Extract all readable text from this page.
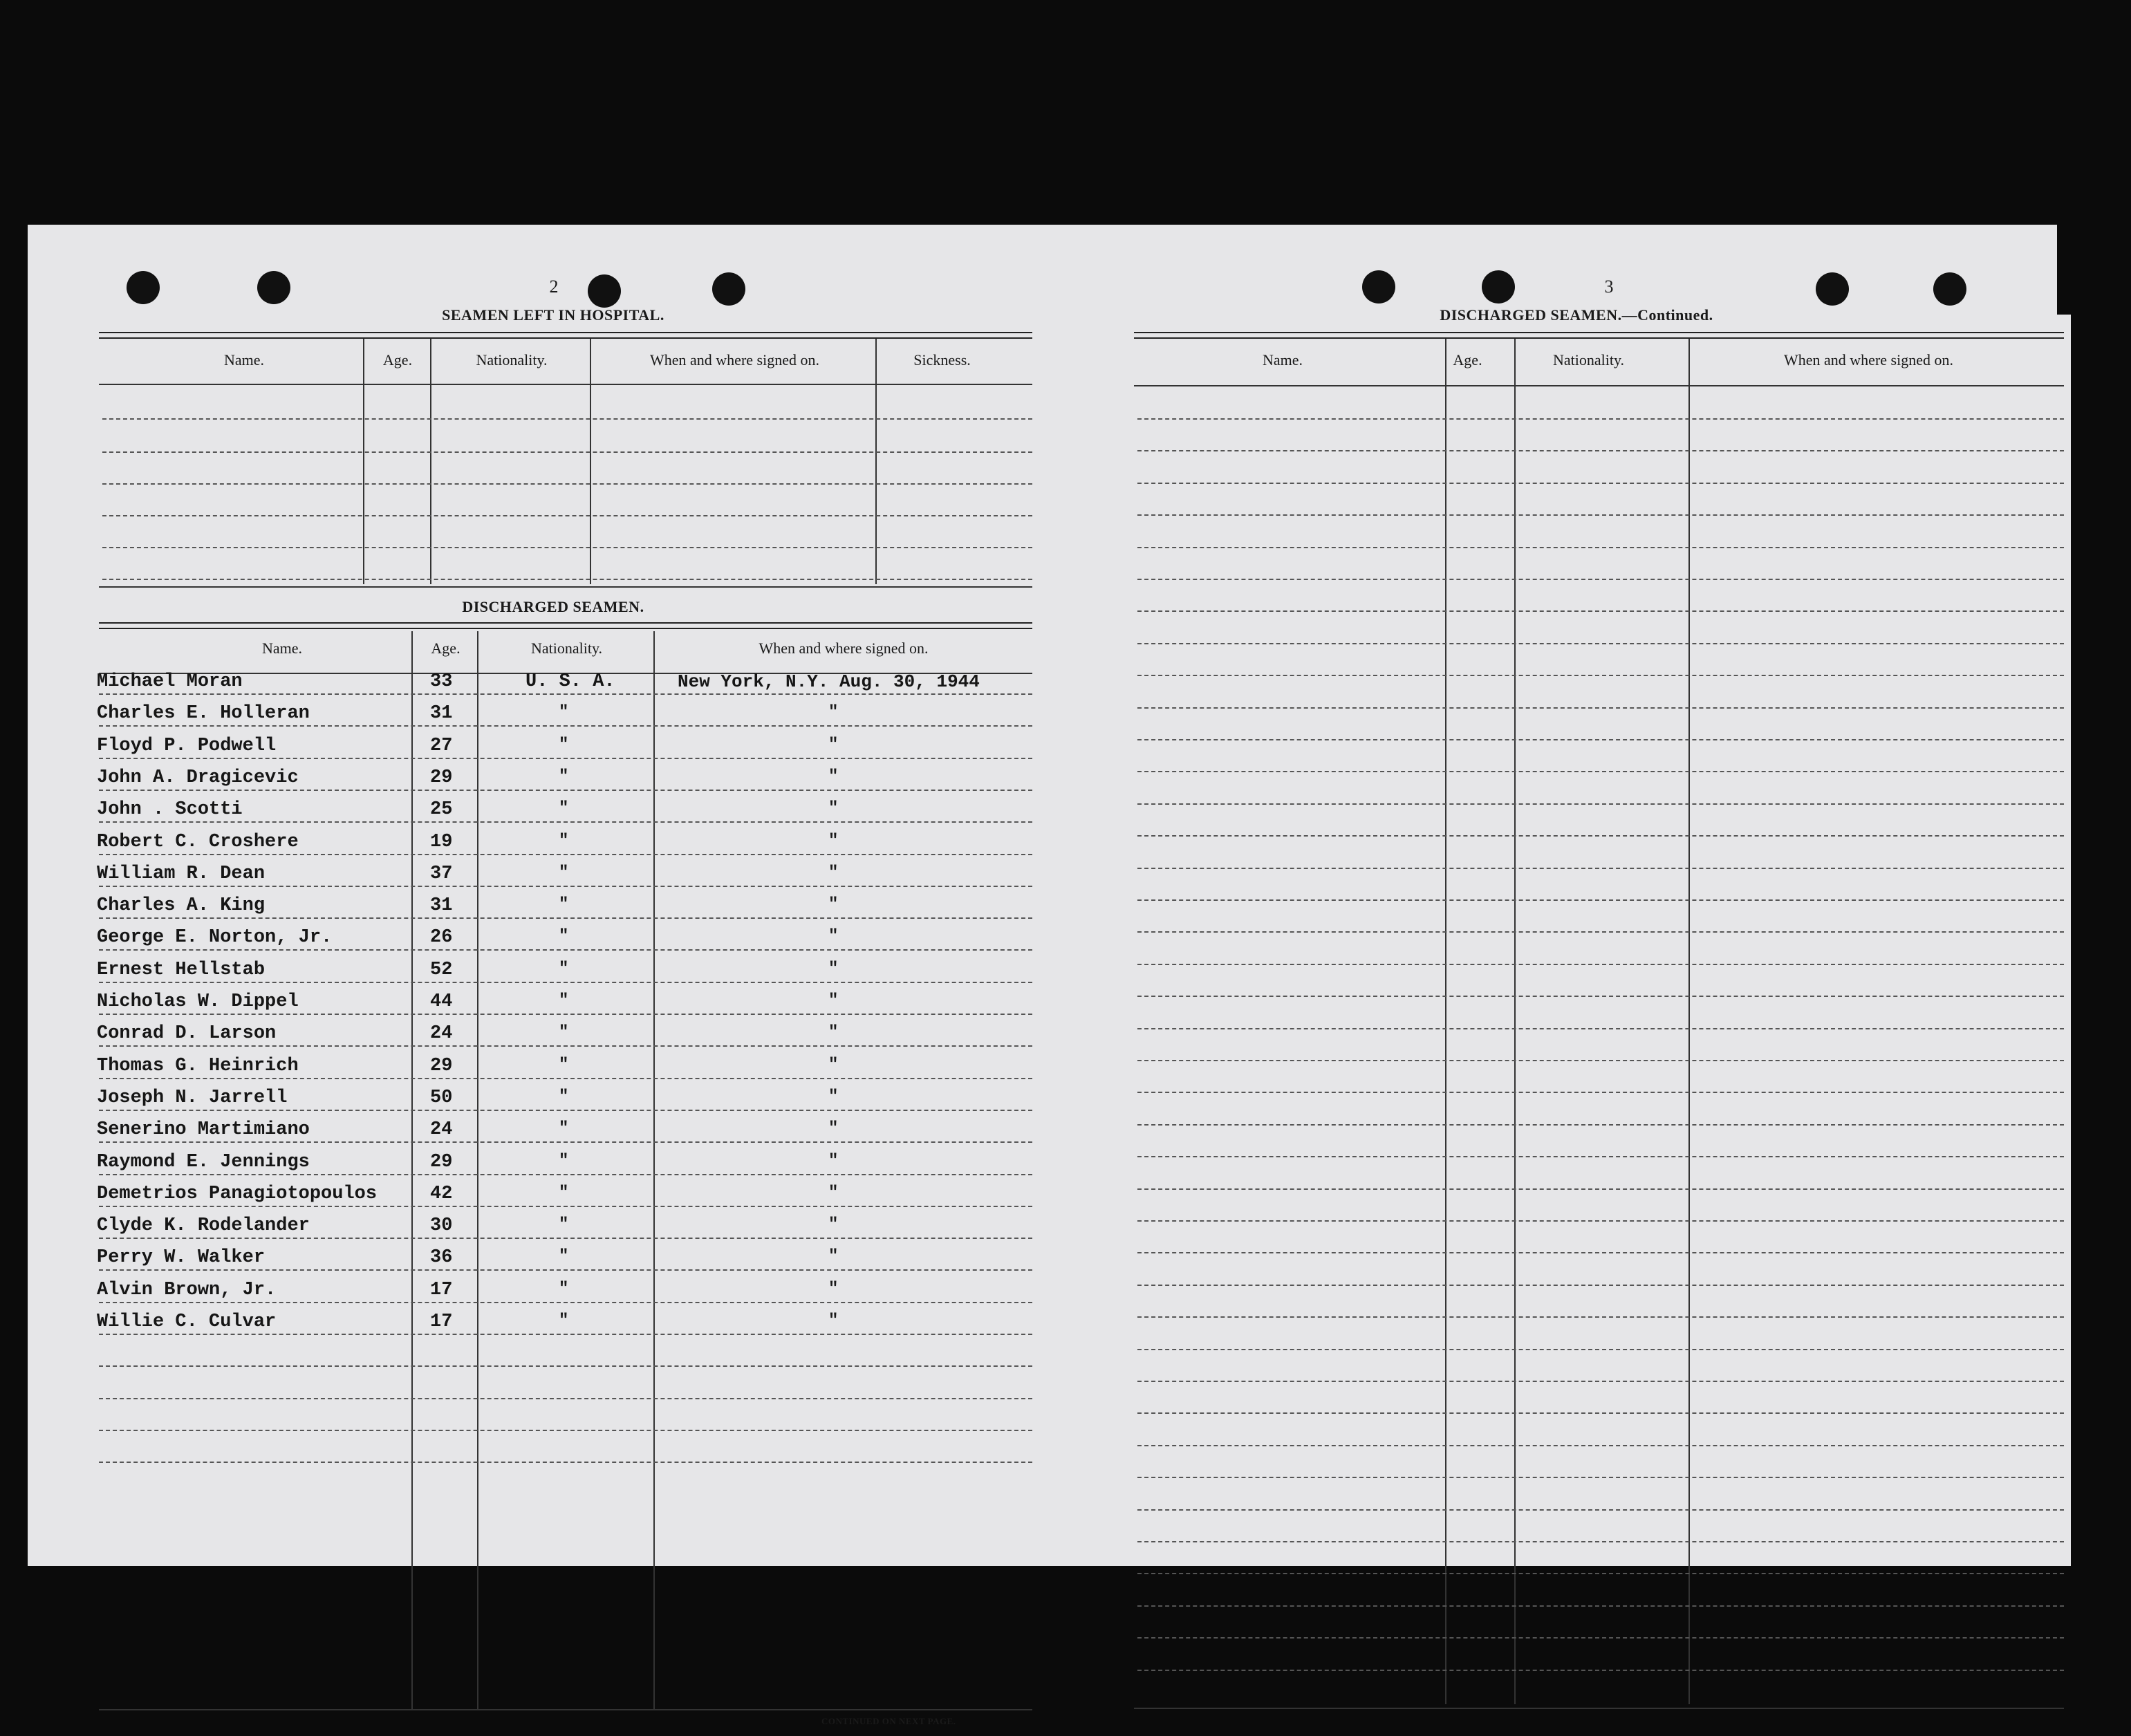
2
SEAMEN LEFT IN HOSPITAL.
Name.	Age.	Nationality.	When and where signed on.	Sickness.
DISCHARGED SEAMEN.
Name.	Age.	Nationality.	When and where signed on.
Michael Moran	33	U. S. A.	New York, N.Y. Aug. 30, 1944
Charles E. Holleran	31	"	"
Floyd P. Podwell	27	"	"
John A. Dragicevic	29	"	"
John . Scotti	25	"	"
Robert C. Croshere	19	"	"
William R. Dean	37	"	"
Charles A. King	31	"	"
George E. Norton, Jr.	26	"	"
Ernest Hellstab	52	"	"
Nicholas W. Dippel	44	"	"
Conrad D. Larson	24	"	"
Thomas G. Heinrich	29	"	"
Joseph N. Jarrell	50	"	"
Senerino Martimiano	24	"	"
Raymond E. Jennings	29	"	"
Demetrios Panagiotopoulos	42	"	"
Clyde K. Rodelander	30	"	"
Perry W. Walker	36	"	"
Alvin Brown, Jr.	17	"	"
Willie C. Culvar	17	"	"
CONTINUED ON NEXT PAGE.
3
DISCHARGED SEAMEN.—Continued.
Name.	Age.	Nationality.	When and where signed on.
